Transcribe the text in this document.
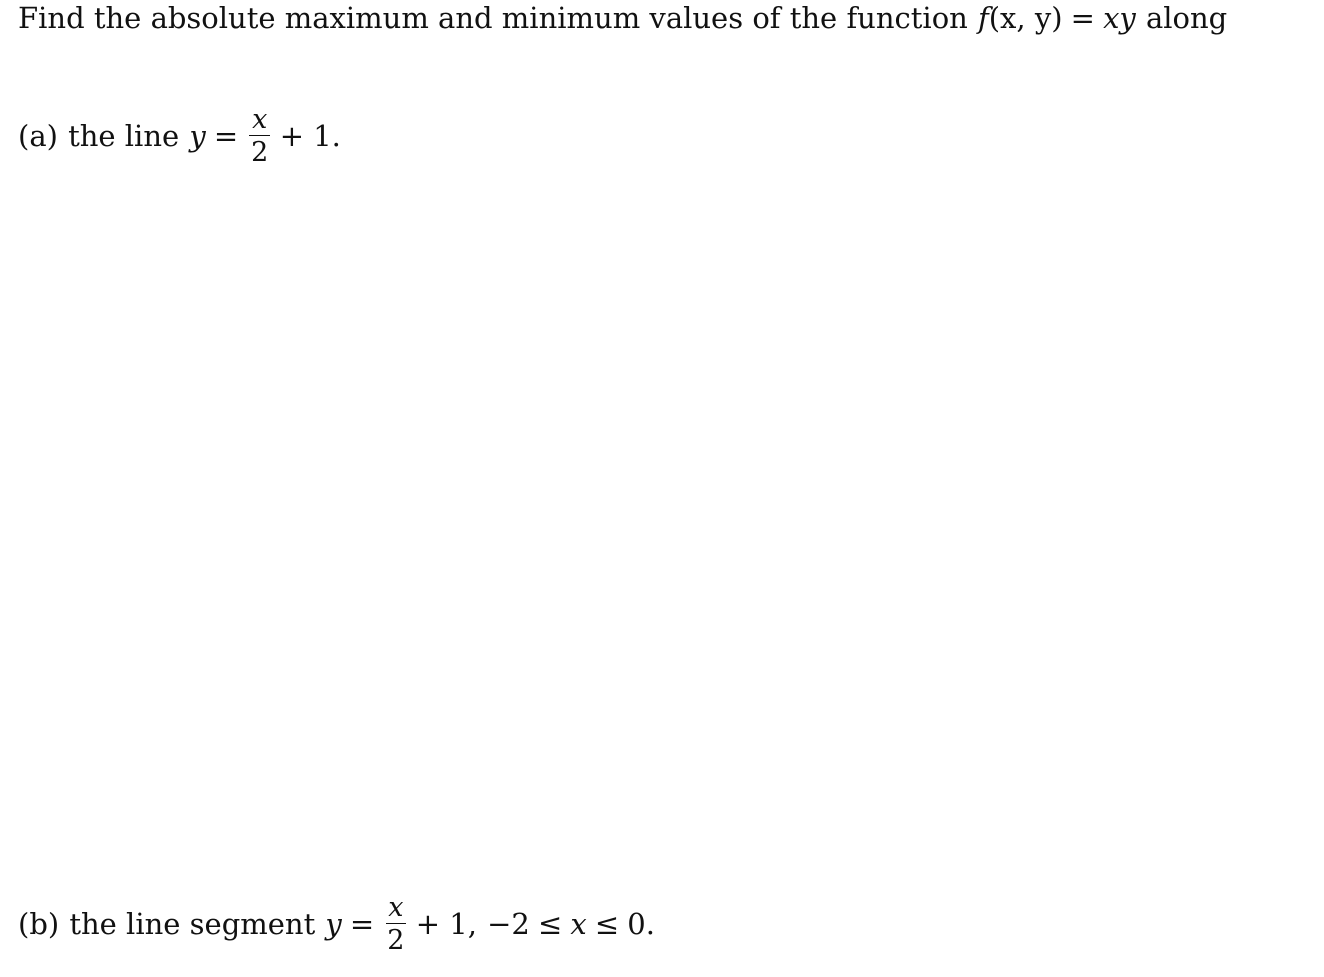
Find the absolute maximum and minimum values of the function f (x, y) = xy along
(a) the line $y = \frac{x}{2} + 1$.
(b) the line segment $y = \frac{x}{2} + 1$, −2 ≤ x ≤ 0.
